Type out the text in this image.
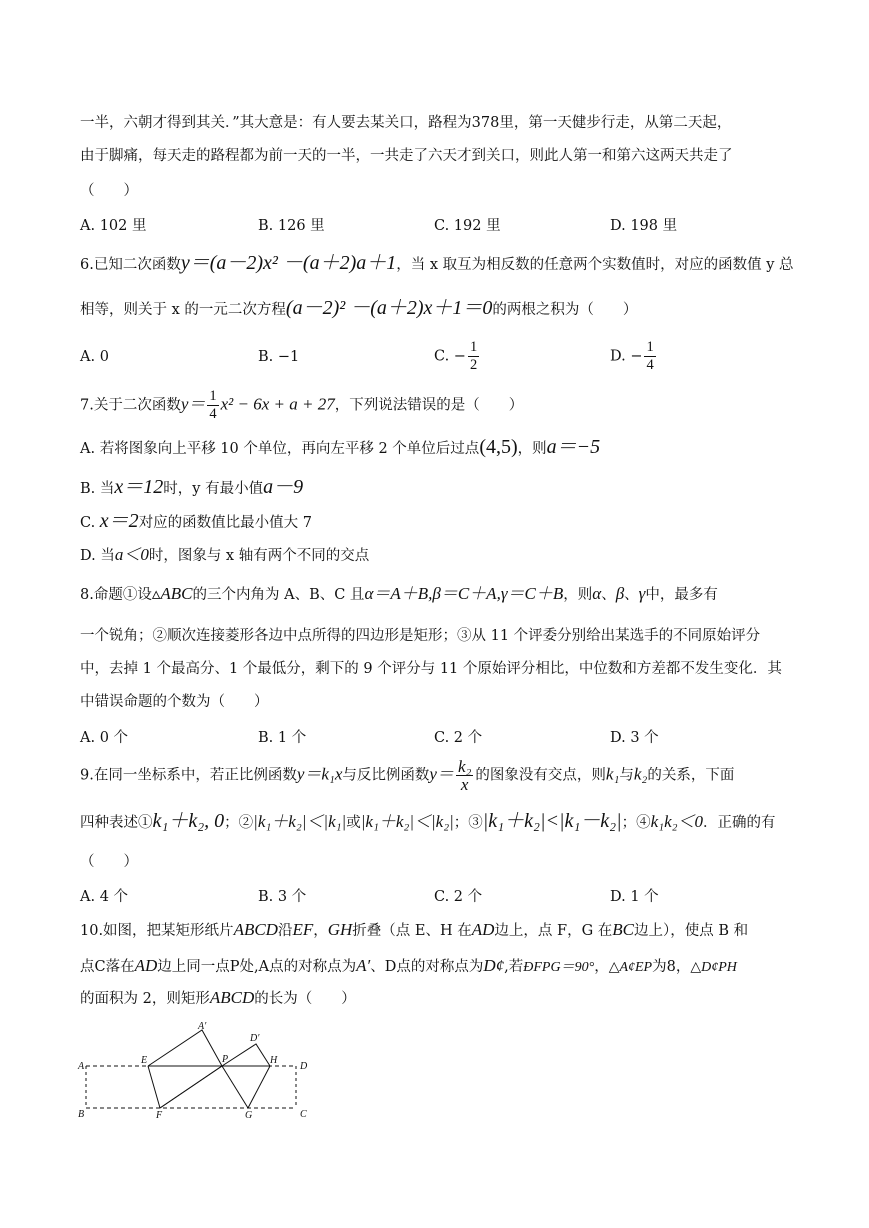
一半，六朝才得到其关．”其大意是：有人要去某关口，路程为378里，第一天健步行走，从第二天起，
由于脚痛，每天走的路程都为前一天的一半，一共走了六天才到关口，则此人第一和第六这两天共走了
（　　）
A. 102 里	B. 126 里	C. 192 里	D. 198 里
6.已知二次函数y＝(a－2)x² －(a＋2)a＋1，当 x 取互为相反数的任意两个实数值时，对应的函数值 y 总
相等，则关于 x 的一元二次方程(a－2)² －(a＋2)x＋1＝0的两根之积为（　　）
A. 0	B. −1	C. − $\frac{1}{2}$	D. − $\frac{1}{4}$
7.关于二次函数$y= \frac{1}{4} x^2 - 6x + a + 27$，下列说法错误的是（　　）
A. 若将图象向上平移 10 个单位，再向左平移 2 个单位后过点(4,5)，则a＝−5
B. 当x＝12时，y 有最小值a－9
C. x＝2对应的函数值比最小值大 7
D. 当a＜0时，图象与 x 轴有两个不同的交点
8.命题①设▵ABC的三个内角为 A、B、C 且α＝A＋B,β＝C＋A,γ＝C＋B，则α、β、γ中，最多有
一个锐角；②顺次连接菱形各边中点所得的四边形是矩形；③从 11 个评委分别给出某选手的不同原始评分
中，去掉 1 个最高分、1 个最低分，剩下的 9 个评分与 11 个原始评分相比，中位数和方差都不发生变化．其
中错误命题的个数为（　　）
A. 0 个	B. 1 个	C. 2 个	D. 3 个
9.在同一坐标系中，若正比例函数y＝k₁x与反比例函数$y= \frac{\text{k₂}}{x}$ 的图象没有交点，则k₁与k₂的关系，下面
四种表述①k₁＋k₂, 0；②|k₁＋k₂|＜|k₁|或|k₁＋k₂|＜|k₂|；③|k₁＋k₂|<|k₁－k₂|；④k₁k₂＜0．正确的有
（　　）
A. 4 个	B. 3 个	C. 2 个	D. 1 个
10.如图，把某矩形纸片ABCD沿EF，GH折叠（点 E、H 在AD边上，点 F，G 在BC边上），使点 B 和
点C落在AD边上同一点P处,A点的对称点为A′、D点的对称点为D¢,若ÐFPG＝90°，△A¢EP为8，△D¢PH
的面积为 2，则矩形ABCD的长为（　　）
A
B	C
D
E
F	G
H
P
A′
D′
